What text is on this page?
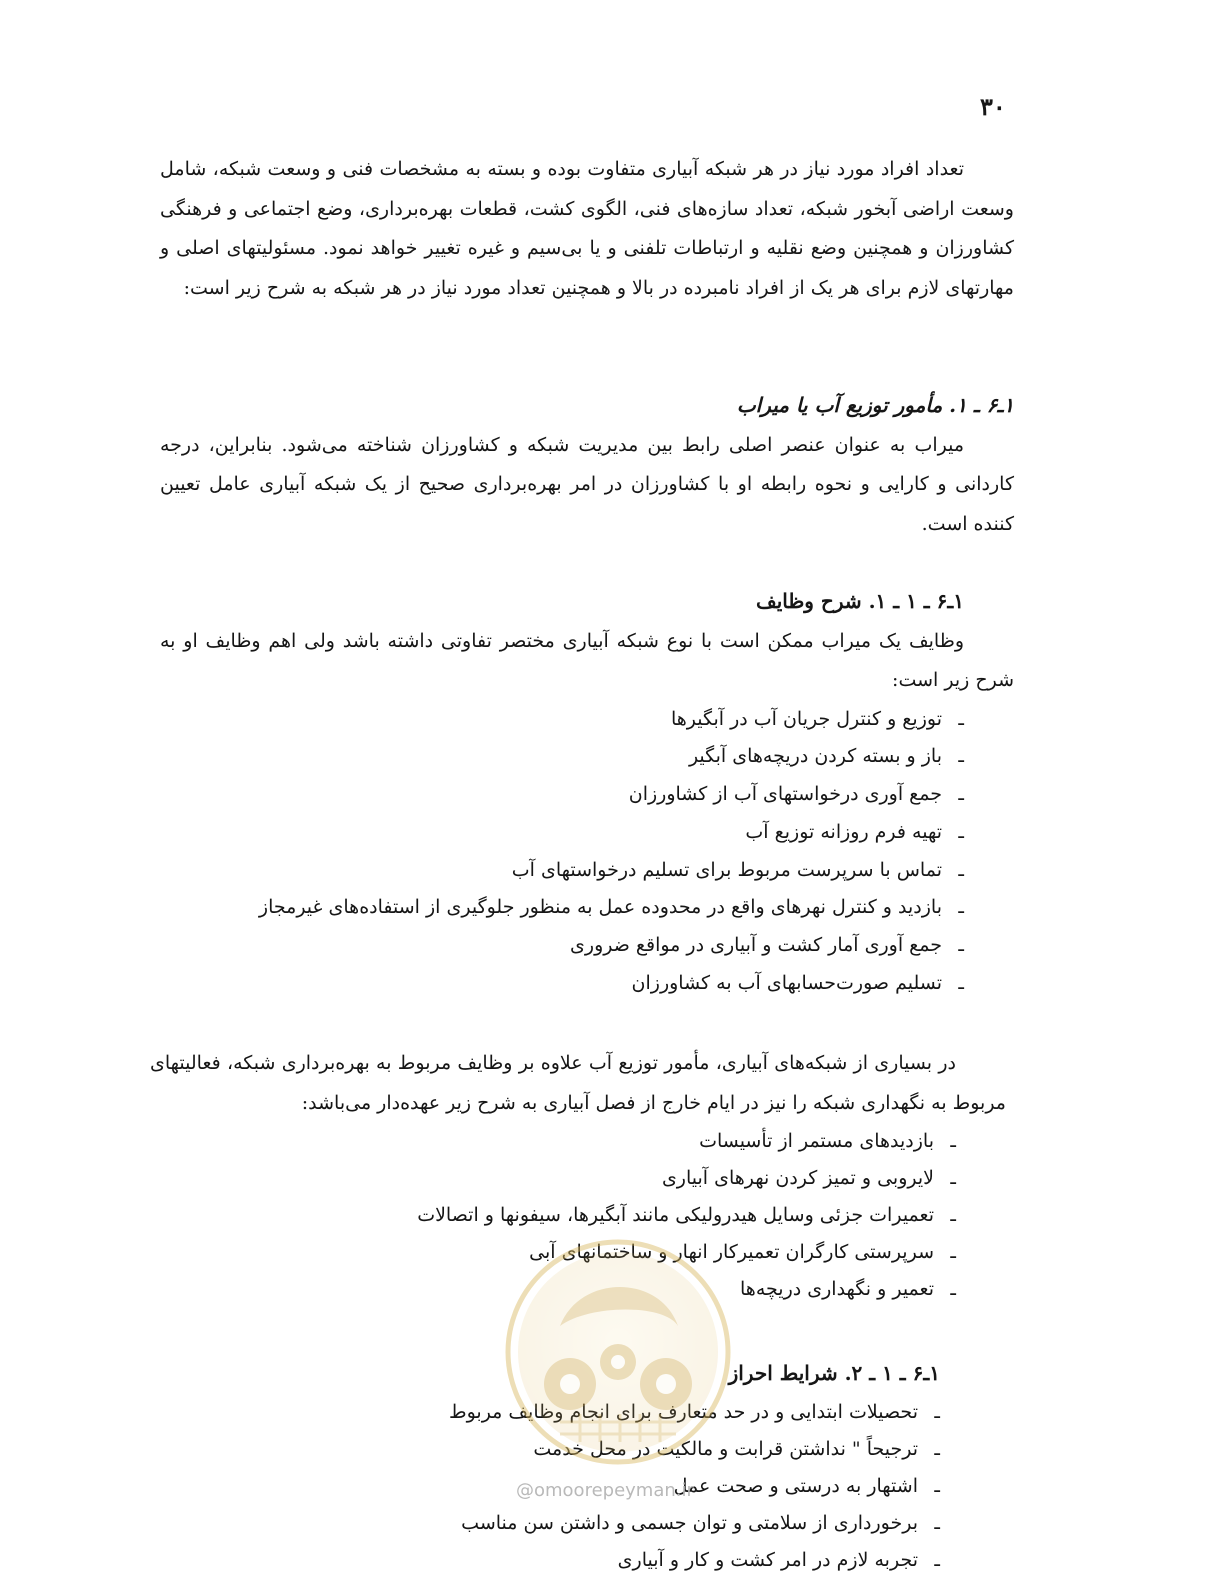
۳۰

تعداد افراد مورد نیاز در هر شبکه آبیاری متفاوت بوده و بسته به مشخصات فنی و وسعت شبکه، شامل وسعت اراضی آبخور شبکه، تعداد سازه‌های فنی، الگوی کشت، قطعات بهره‌برداری، وضع اجتماعی و فرهنگی کشاورزان و همچنین وضع نقلیه و ارتباطات تلفنی و یا بی‌سیم و غیره تغییر خواهد نمود. مسئولیتهای اصلی و مهارتهای لازم برای هر یک از افراد نامبرده در بالا و همچنین تعداد مورد نیاز در هر شبکه به شرح زیر است:

۱ـ۶ ـ ۱. مأمور توزیع آب یا میراب

میراب به عنوان عنصر اصلی رابط بین مدیریت شبکه و کشاورزان شناخته می‌شود. بنابراین، درجه کاردانی و کارایی و نحوه رابطه او با کشاورزان در امر بهره‌برداری صحیح از یک شبکه آبیاری عامل تعیین کننده است.

۱ـ۶ ـ ۱ ـ ۱. شرح وظایف

وظایف یک میراب ممکن است با نوع شبکه آبیاری مختصر تفاوتی داشته باشد ولی اهم وظایف او به شرح زیر است:

ـتوزیع و کنترل جریان آب در آبگیرها
ـباز و بسته کردن دریچه‌های آبگیر
ـجمع آوری درخواستهای آب از کشاورزان
ـتهیه فرم روزانه توزیع آب
ـتماس با سرپرست مربوط برای تسلیم درخواستهای آب
ـبازدید و کنترل نهرهای واقع در محدوده عمل به منظور جلوگیری از استفاده‌های غیرمجاز
ـجمع آوری آمار کشت و آبیاری در مواقع ضروری
ـتسلیم صورت‌حسابهای آب به کشاورزان

در بسیاری از شبکه‌های آبیاری، مأمور توزیع آب علاوه بر وظایف مربوط به بهره‌برداری شبکه، فعالیتهای مربوط به نگهداری شبکه را نیز در ایام خارج از فصل آبیاری به شرح زیر عهده‌دار می‌باشد:

ـبازدیدهای مستمر از تأسیسات
ـلایروبی و تمیز کردن نهرهای آبیاری
ـتعمیرات جزئی وسایل هیدرولیکی مانند آبگیرها، سیفونها و اتصالات
ـسرپرستی کارگران تعمیرکار انهار و ساختمانهای آبی
ـتعمیر و نگهداری دریچه‌ها
۱ـ۶ ـ ۱ ـ ۲. شرایط احراز
ـتحصیلات ابتدایی و در حد متعارف برای انجام وظایف مربوط
ـترجیحاً " نداشتن قرابت و مالکیت در محل خدمت
ـاشتهار به درستی و صحت عمل
ـبرخورداری از سلامتی و توان جسمی و داشتن سن مناسب
ـتجربه لازم در امر کشت و کار و آبیاری
@omoorepeyman.ir
